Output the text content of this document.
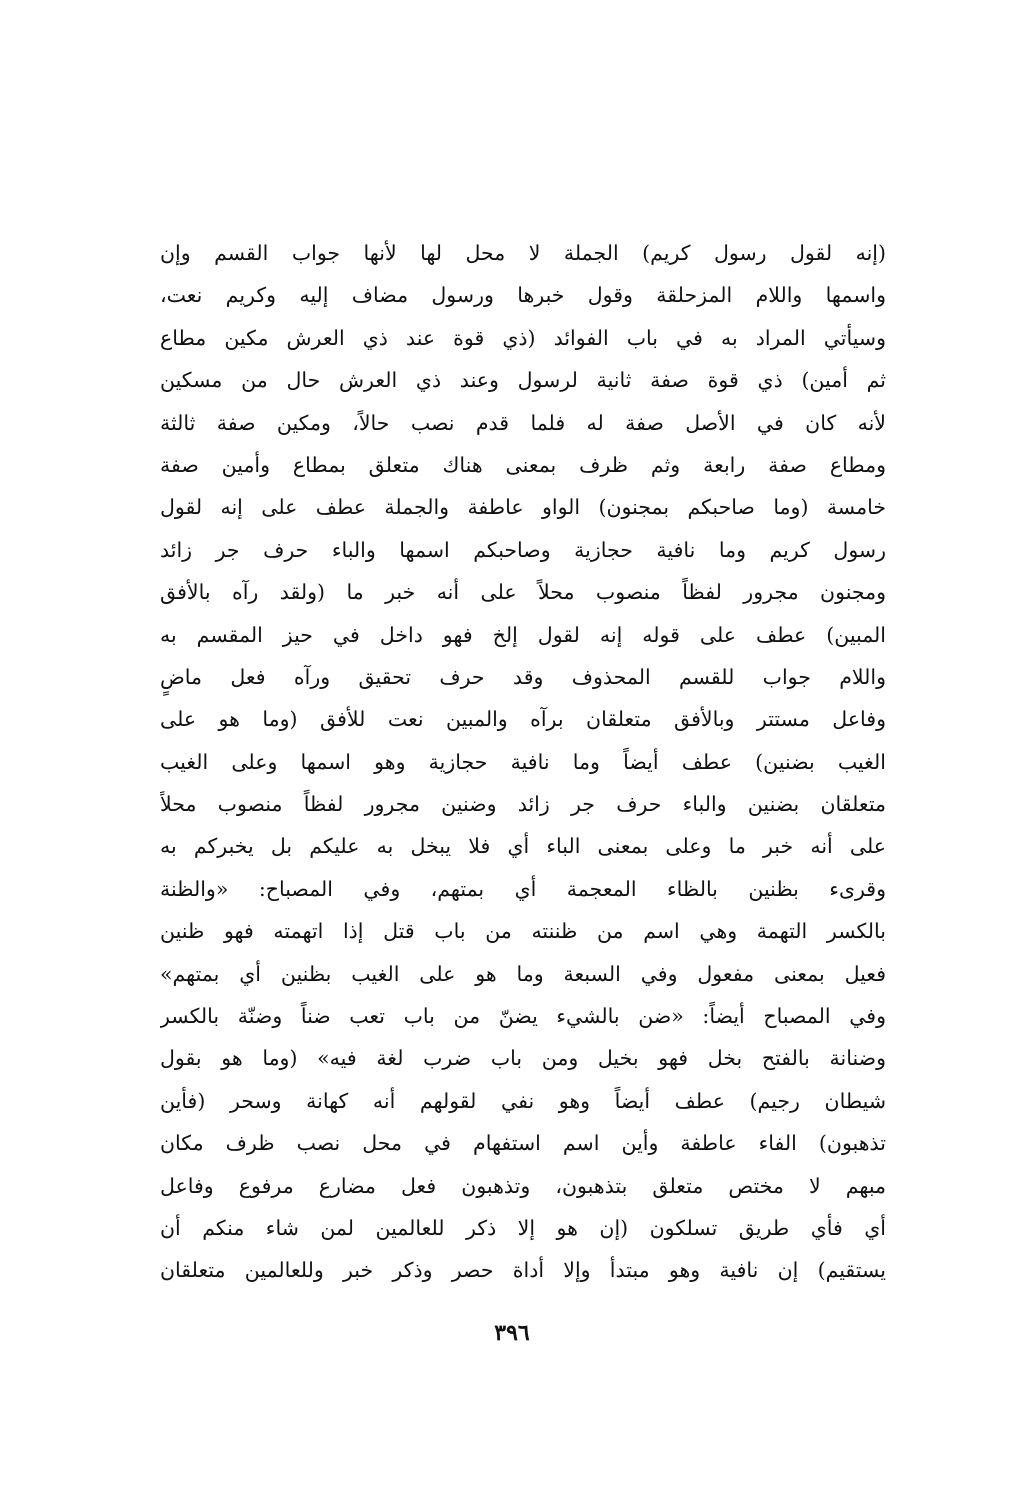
(إنه لقول رسول كريم) الجملة لا محل لها لأنها جواب القسم وإن
واسمها واللام المزحلقة وقول خبرها ورسول مضاف إليه وكريم نعت،
وسيأتي المراد به في باب الفوائد (ذي قوة عند ذي العرش مكين مطاع
ثم أمين) ذي قوة صفة ثانية لرسول وعند ذي العرش حال من مسكين
لأنه كان في الأصل صفة له فلما قدم نصب حالاً، ومكين صفة ثالثة
ومطاع صفة رابعة وثم ظرف بمعنى هناك متعلق بمطاع وأمين صفة
خامسة (وما صاحبكم بمجنون) الواو عاطفة والجملة عطف على إنه لقول
رسول كريم وما نافية حجازية وصاحبكم اسمها والباء حرف جر زائد
ومجنون مجرور لفظاً منصوب محلاً على أنه خبر ما (ولقد رآه بالأفق
المبين) عطف على قوله إنه لقول إلخ فهو داخل في حيز المقسم به
واللام جواب للقسم المحذوف وقد حرف تحقيق ورآه فعل ماضٍ
وفاعل مستتر وبالأفق متعلقان برآه والمبين نعت للأفق (وما هو على
الغيب بضنين) عطف أيضاً وما نافية حجازية وهو اسمها وعلى الغيب
متعلقان بضنين والباء حرف جر زائد وضنين مجرور لفظاً منصوب محلاً
على أنه خبر ما وعلى بمعنى الباء أي فلا يبخل به عليكم بل يخبركم به
وقرىء بظنين بالظاء المعجمة أي بمتهم، وفي المصباح: «والظنة
بالكسر التهمة وهي اسم من ظننته من باب قتل إذا اتهمته فهو ظنين
فعيل بمعنى مفعول وفي السبعة وما هو على الغيب بظنين أي بمتهم»
وفي المصباح أيضاً: «ضن بالشيء يضنّ من باب تعب ضناً وضنّة بالكسر
وضنانة بالفتح بخل فهو بخيل ومن باب ضرب لغة فيه» (وما هو بقول
شيطان رجيم) عطف أيضاً وهو نفي لقولهم أنه كهانة وسحر (فأين
تذهبون) الفاء عاطفة وأين اسم استفهام في محل نصب ظرف مكان
مبهم لا مختص متعلق بتذهبون، وتذهبون فعل مضارع مرفوع وفاعل
أي فأي طريق تسلكون (إن هو إلا ذكر للعالمين لمن شاء منكم أن
يستقيم) إن نافية وهو مبتدأ وإلا أداة حصر وذكر خبر وللعالمين متعلقان
٣٩٦
